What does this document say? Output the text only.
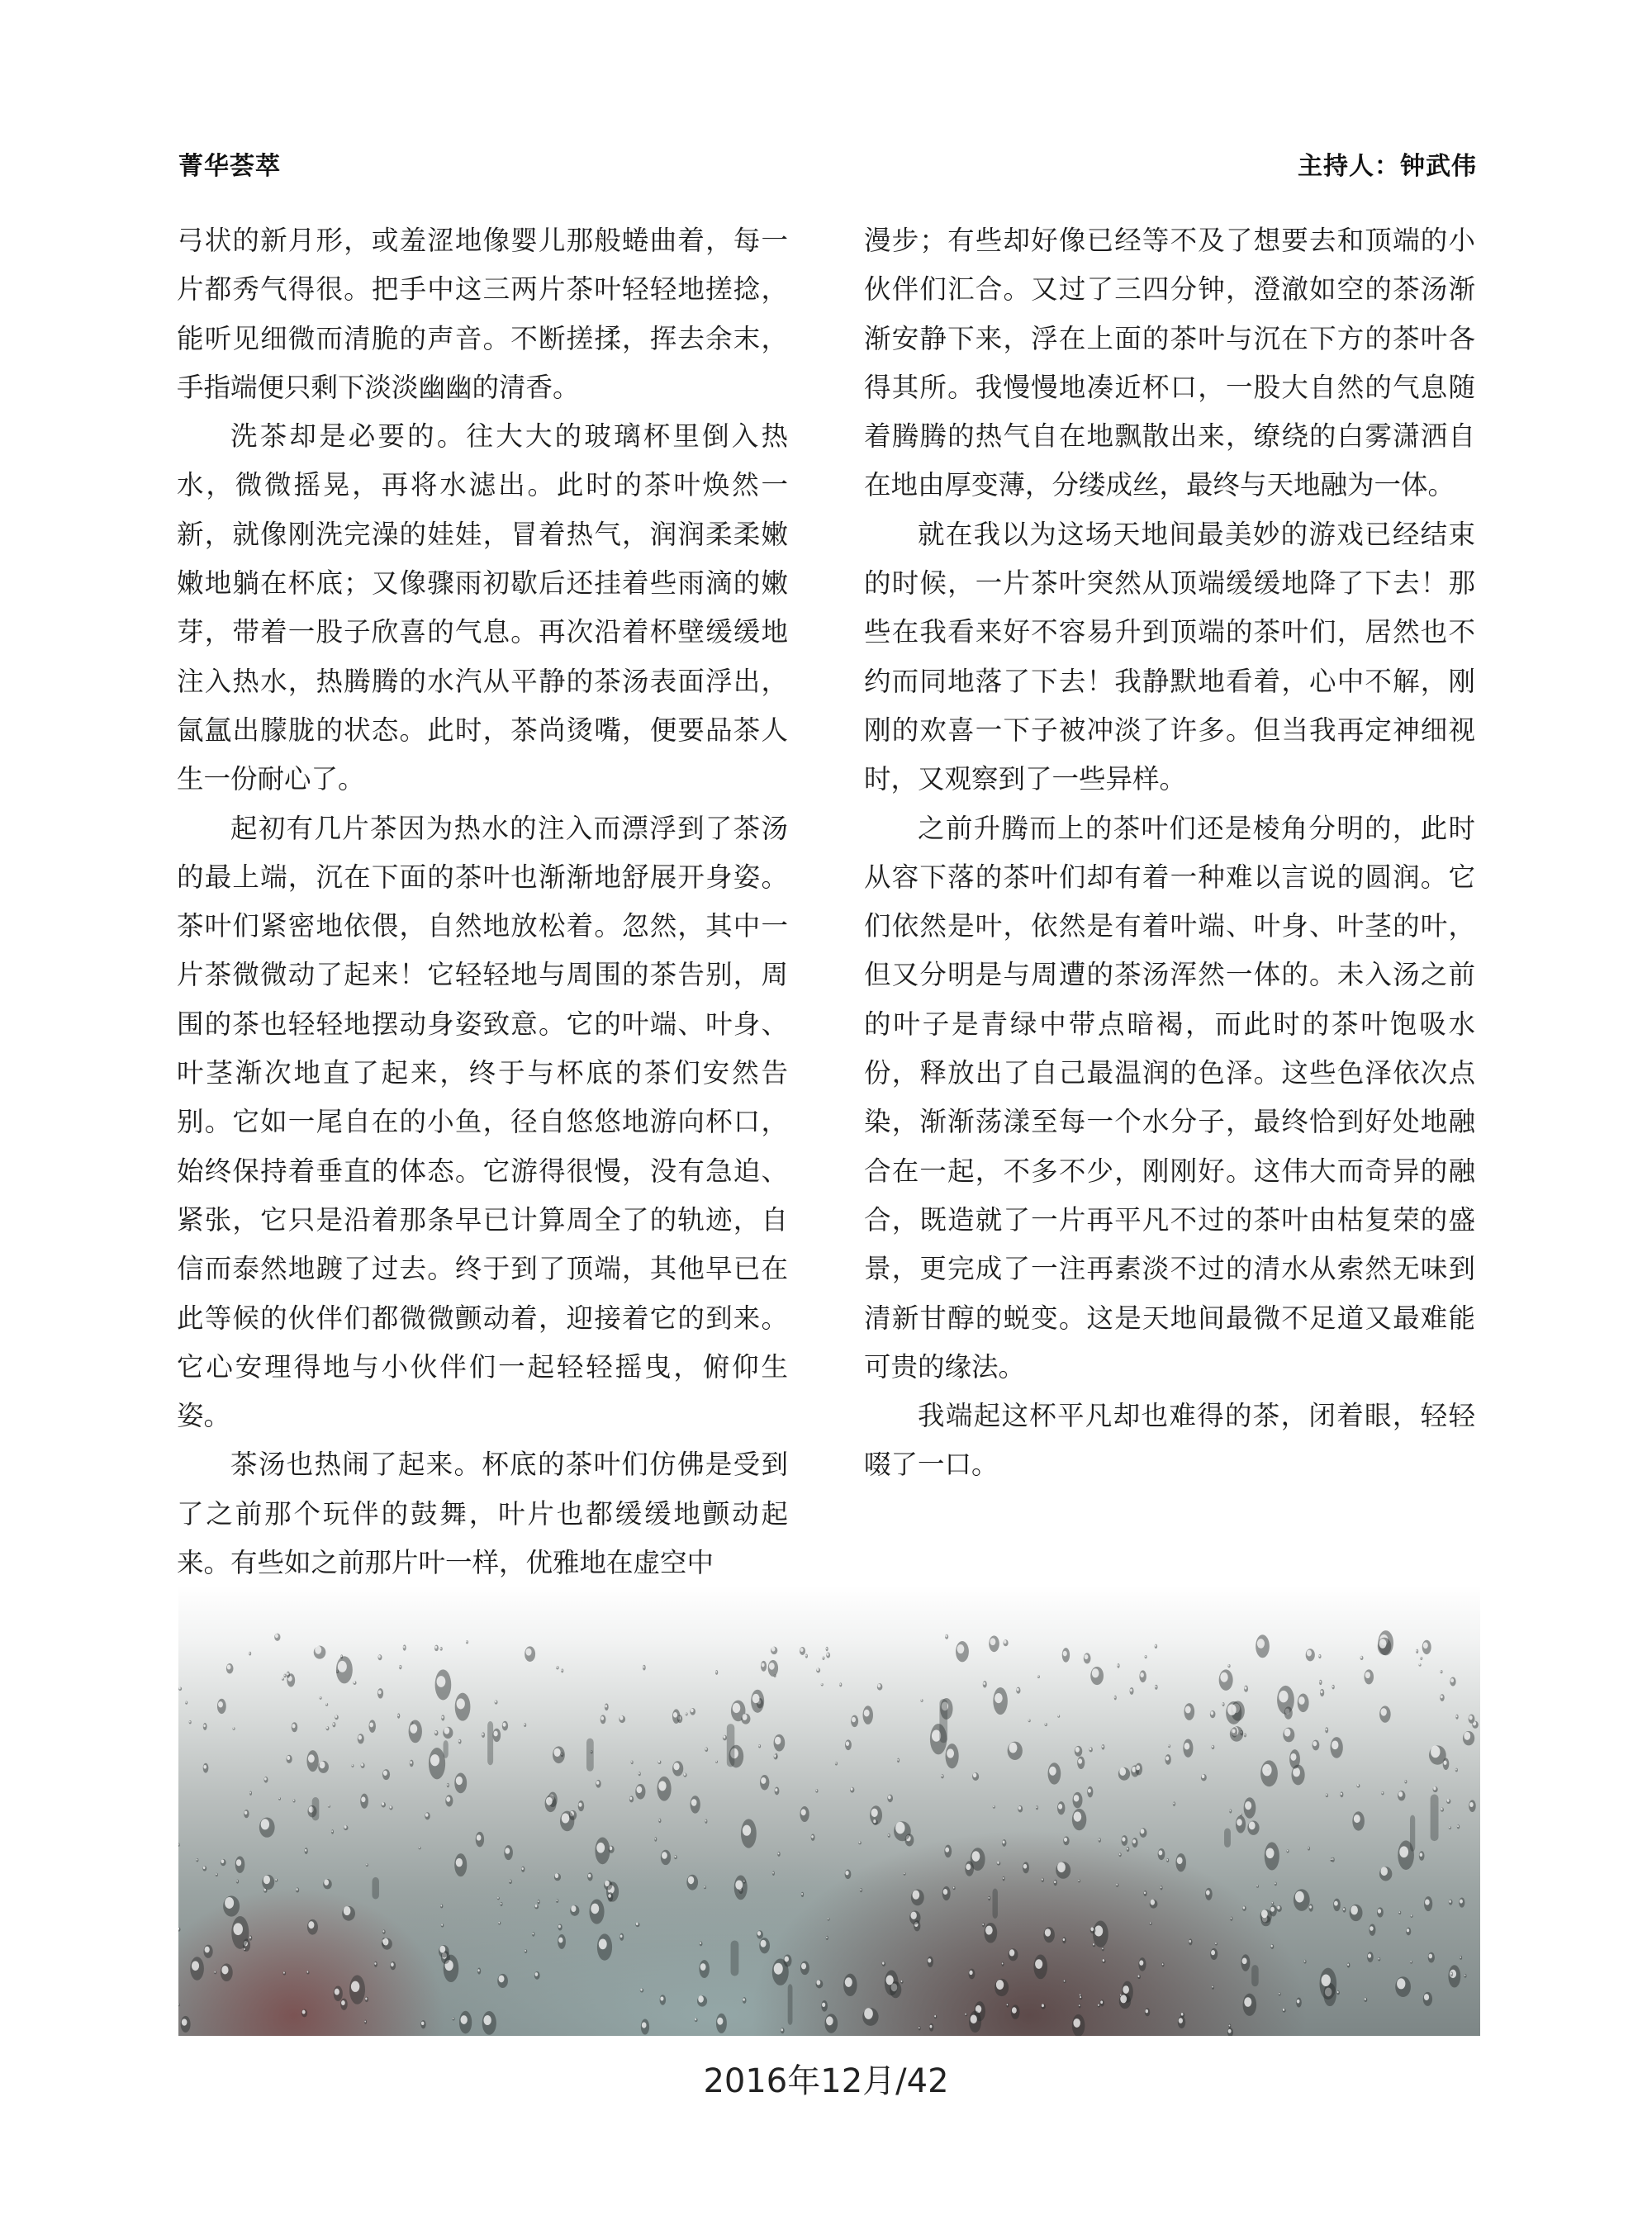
菁华荟萃	主持人：钟武伟

弓状的新月形，或羞涩地像婴儿那般蜷曲着，每一片都秀气得很。把手中这三两片茶叶轻轻地搓捻，能听见细微而清脆的声音。不断搓揉，挥去余末，手指端便只剩下淡淡幽幽的清香。

洗茶却是必要的。往大大的玻璃杯里倒入热水，微微摇晃，再将水滤出。此时的茶叶焕然一新，就像刚洗完澡的娃娃，冒着热气，润润柔柔嫩嫩地躺在杯底；又像骤雨初歇后还挂着些雨滴的嫩芽，带着一股子欣喜的气息。再次沿着杯壁缓缓地注入热水，热腾腾的水汽从平静的茶汤表面浮出，氤氲出朦胧的状态。此时，茶尚烫嘴，便要品茶人生一份耐心了。

起初有几片茶因为热水的注入而漂浮到了茶汤的最上端，沉在下面的茶叶也渐渐地舒展开身姿。茶叶们紧密地依偎，自然地放松着。忽然，其中一片茶微微动了起来！它轻轻地与周围的茶告别，周围的茶也轻轻地摆动身姿致意。它的叶端、叶身、叶茎渐次地直了起来，终于与杯底的茶们安然告别。它如一尾自在的小鱼，径自悠悠地游向杯口，始终保持着垂直的体态。它游得很慢，没有急迫、紧张，它只是沿着那条早已计算周全了的轨迹，自信而泰然地踱了过去。终于到了顶端，其他早已在此等候的伙伴们都微微颤动着，迎接着它的到来。它心安理得地与小伙伴们一起轻轻摇曳，俯仰生姿。

茶汤也热闹了起来。杯底的茶叶们仿佛是受到了之前那个玩伴的鼓舞，叶片也都缓缓地颤动起来。有些如之前那片叶一样，优雅地在虚空中

漫步；有些却好像已经等不及了想要去和顶端的小伙伴们汇合。又过了三四分钟，澄澈如空的茶汤渐渐安静下来，浮在上面的茶叶与沉在下方的茶叶各得其所。我慢慢地凑近杯口，一股大自然的气息随着腾腾的热气自在地飘散出来，缭绕的白雾潇洒自在地由厚变薄，分缕成丝，最终与天地融为一体。

就在我以为这场天地间最美妙的游戏已经结束的时候，一片茶叶突然从顶端缓缓地降了下去！那些在我看来好不容易升到顶端的茶叶们，居然也不约而同地落了下去！我静默地看着，心中不解，刚刚的欢喜一下子被冲淡了许多。但当我再定神细视时，又观察到了一些异样。

之前升腾而上的茶叶们还是棱角分明的，此时从容下落的茶叶们却有着一种难以言说的圆润。它们依然是叶，依然是有着叶端、叶身、叶茎的叶，但又分明是与周遭的茶汤浑然一体的。未入汤之前的叶子是青绿中带点暗褐，而此时的茶叶饱吸水份，释放出了自己最温润的色泽。这些色泽依次点染，渐渐荡漾至每一个水分子，最终恰到好处地融合在一起，不多不少，刚刚好。这伟大而奇异的融合，既造就了一片再平凡不过的茶叶由枯复荣的盛景，更完成了一注再素淡不过的清水从索然无味到清新甘醇的蜕变。这是天地间最微不足道又最难能可贵的缘法。

我端起这杯平凡却也难得的茶，闭着眼，轻轻啜了一口。

2016年12月/42
